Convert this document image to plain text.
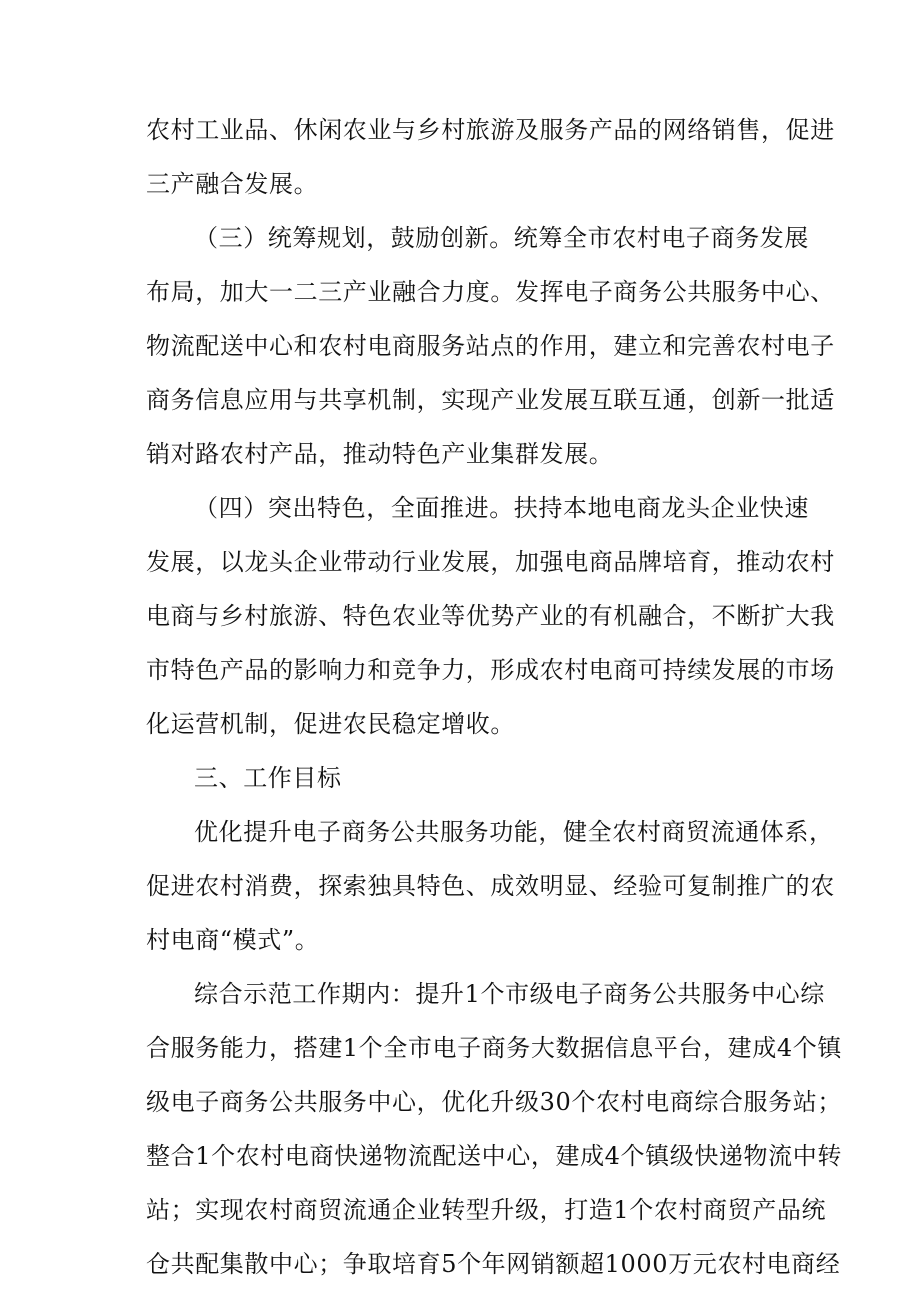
农村工业品、休闲农业与乡村旅游及服务产品的网络销售，促进
三产融合发展。
（三）统筹规划，鼓励创新。统筹全市农村电子商务发展
布局，加大一二三产业融合力度。发挥电子商务公共服务中心、
物流配送中心和农村电商服务站点的作用，建立和完善农村电子
商务信息应用与共享机制，实现产业发展互联互通，创新一批适
销对路农村产品，推动特色产业集群发展。
（四）突出特色，全面推进。扶持本地电商龙头企业快速
发展，以龙头企业带动行业发展，加强电商品牌培育，推动农村
电商与乡村旅游、特色农业等优势产业的有机融合，不断扩大我
市特色产品的影响力和竞争力，形成农村电商可持续发展的市场
化运营机制，促进农民稳定增收。
三、工作目标
优化提升电子商务公共服务功能，健全农村商贸流通体系，
促进农村消费，探索独具特色、成效明显、经验可复制推广的农
村电商“模式”。
综合示范工作期内：提升1个市级电子商务公共服务中心综
合服务能力，搭建1个全市电子商务大数据信息平台，建成4个镇
级电子商务公共服务中心，优化升级30个农村电商综合服务站；
整合1个农村电商快递物流配送中心，建成4个镇级快递物流中转
站；实现农村商贸流通企业转型升级，打造1个农村商贸产品统
仓共配集散中心；争取培育5个年网销额超1000万元农村电商经
